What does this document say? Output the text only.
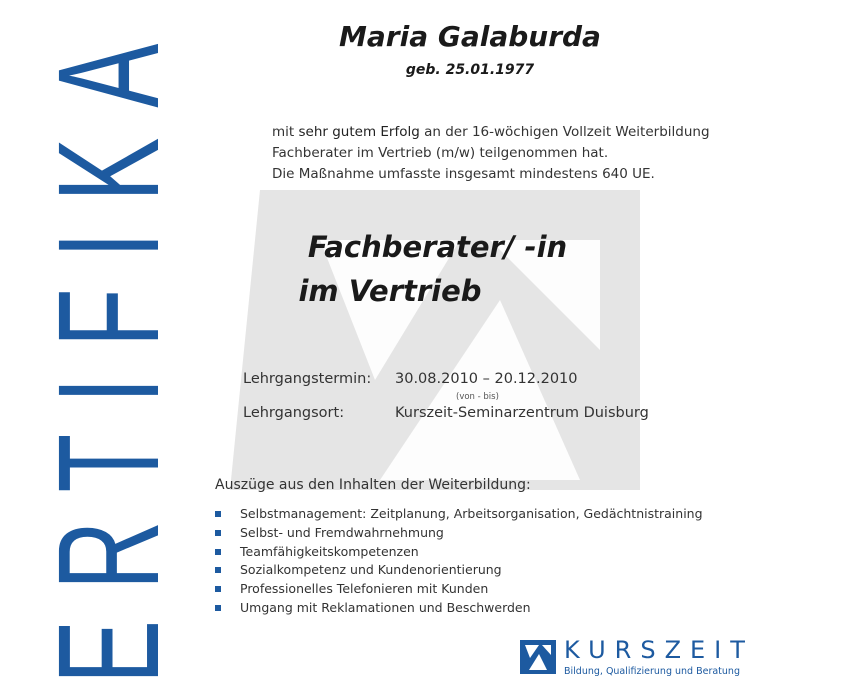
ERTIFIKA	Maria Galaburda
geb. 25.01.1977
mit sehr gutem Erfolg an der 16-wöchigen Vollzeit Weiterbildung
Fachberater im Vertrieb (m/w) teilgenommen hat.
Die Maßnahme umfasste insgesamt mindestens 640 UE.
Fachberater/ -in
im Vertrieb
Lehrgangstermin: 30.08.2010 – 20.12.2010
(von - bis)
Lehrgangsort:	Kurszeit-Seminarzentrum Duisburg
Auszüge aus den Inhalten der Weiterbildung:
Selbstmanagement: Zeitplanung, Arbeitsorganisation, Gedächtnistraining
Selbst- und Fremdwahrnehmung
Teamfähigkeitskompetenzen
Sozialkompetenz und Kundenorientierung
Professionelles Telefonieren mit Kunden
Umgang mit Reklamationen und Beschwerden
KURSZEIT
Bildung, Qualifizierung und Beratung
